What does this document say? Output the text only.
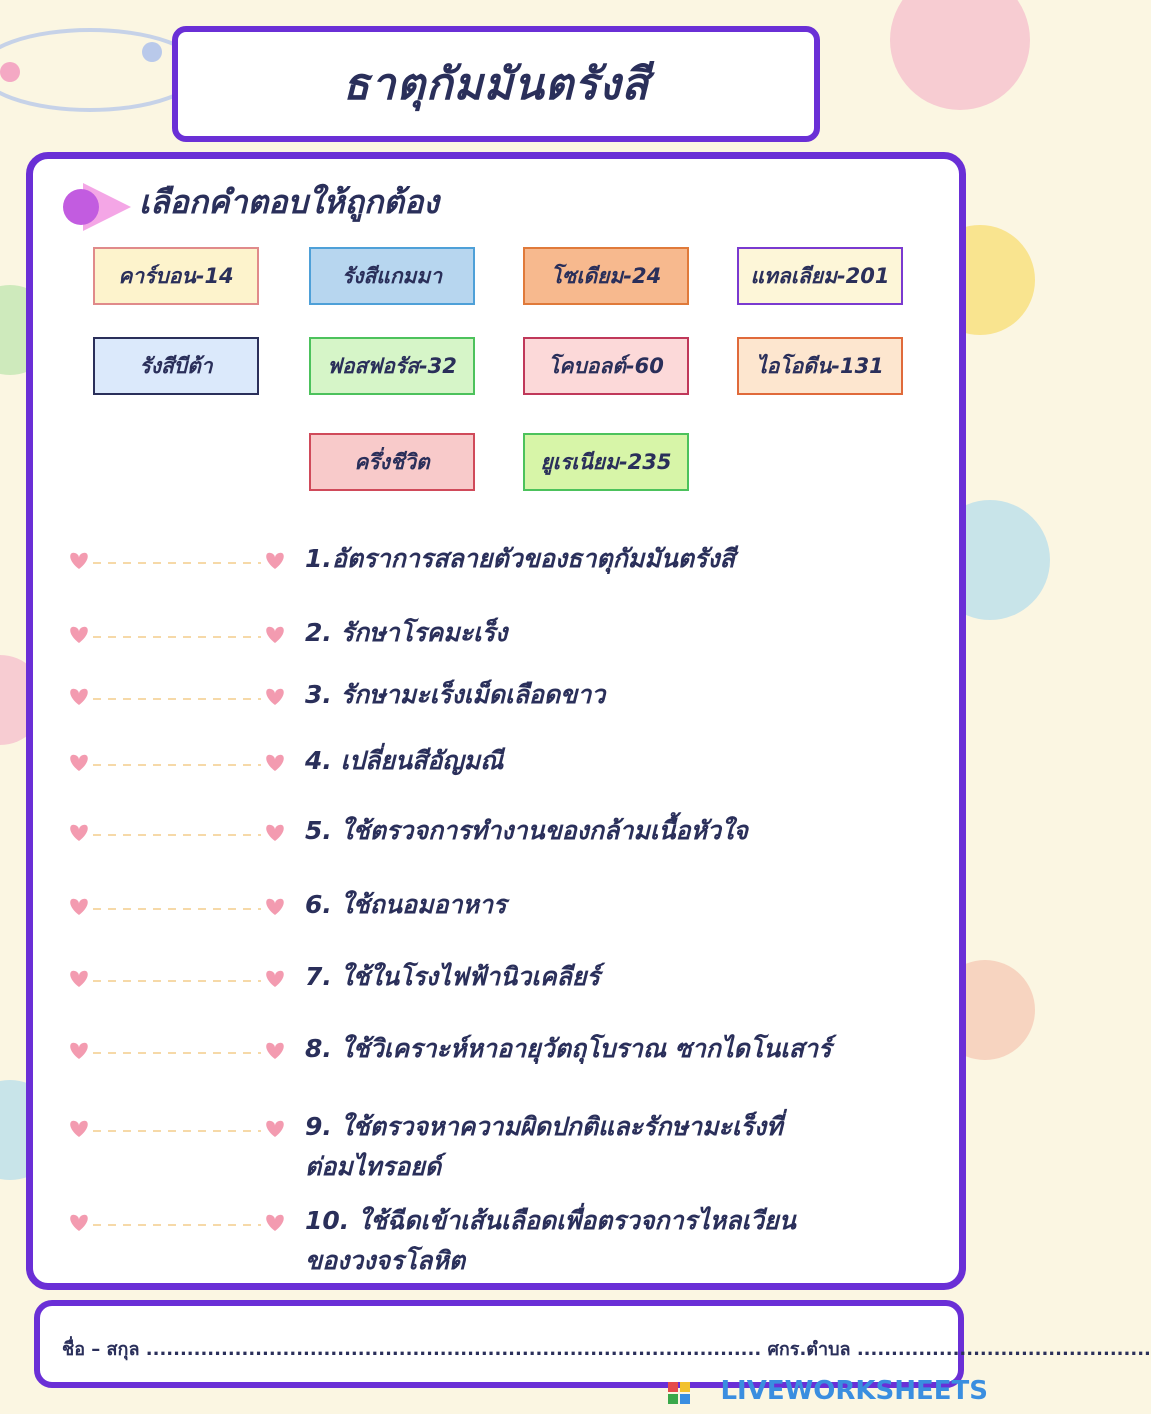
ธาตุกัมมันตรังสี
เลือกคำตอบให้ถูกต้อง
คาร์บอน-14	รังสีแกมมา	โซเดียม-24	แทลเลียม-201
รังสีบีต้า	ฟอสฟอรัส-32	โคบอลต์-60	ไอโอดีน-131
ครึ่งชีวิต	ยูเรเนียม-235
1.อัตราการสลายตัวของธาตุกัมมันตรังสี
2. รักษาโรคมะเร็ง
3. รักษามะเร็งเม็ดเลือดขาว
4. เปลี่ยนสีอัญมณี
5. ใช้ตรวจการทำงานของกล้ามเนื้อหัวใจ
6. ใช้ถนอมอาหาร
7. ใช้ในโรงไฟฟ้านิวเคลียร์
8. ใช้วิเคราะห์หาอายุวัตถุโบราณ ซากไดโนเสาร์
9. ใช้ตรวจหาความผิดปกติและรักษามะเร็งที่
ต่อมไทรอยด์
10. ใช้ฉีดเข้าเส้นเลือดเพื่อตรวจการไหลเวียน
ของวงจรโลหิต
ชื่อ – สกุล .......................................................................................... ศกร.ตำบล ...........................................
LIVEWORKSHEETS
